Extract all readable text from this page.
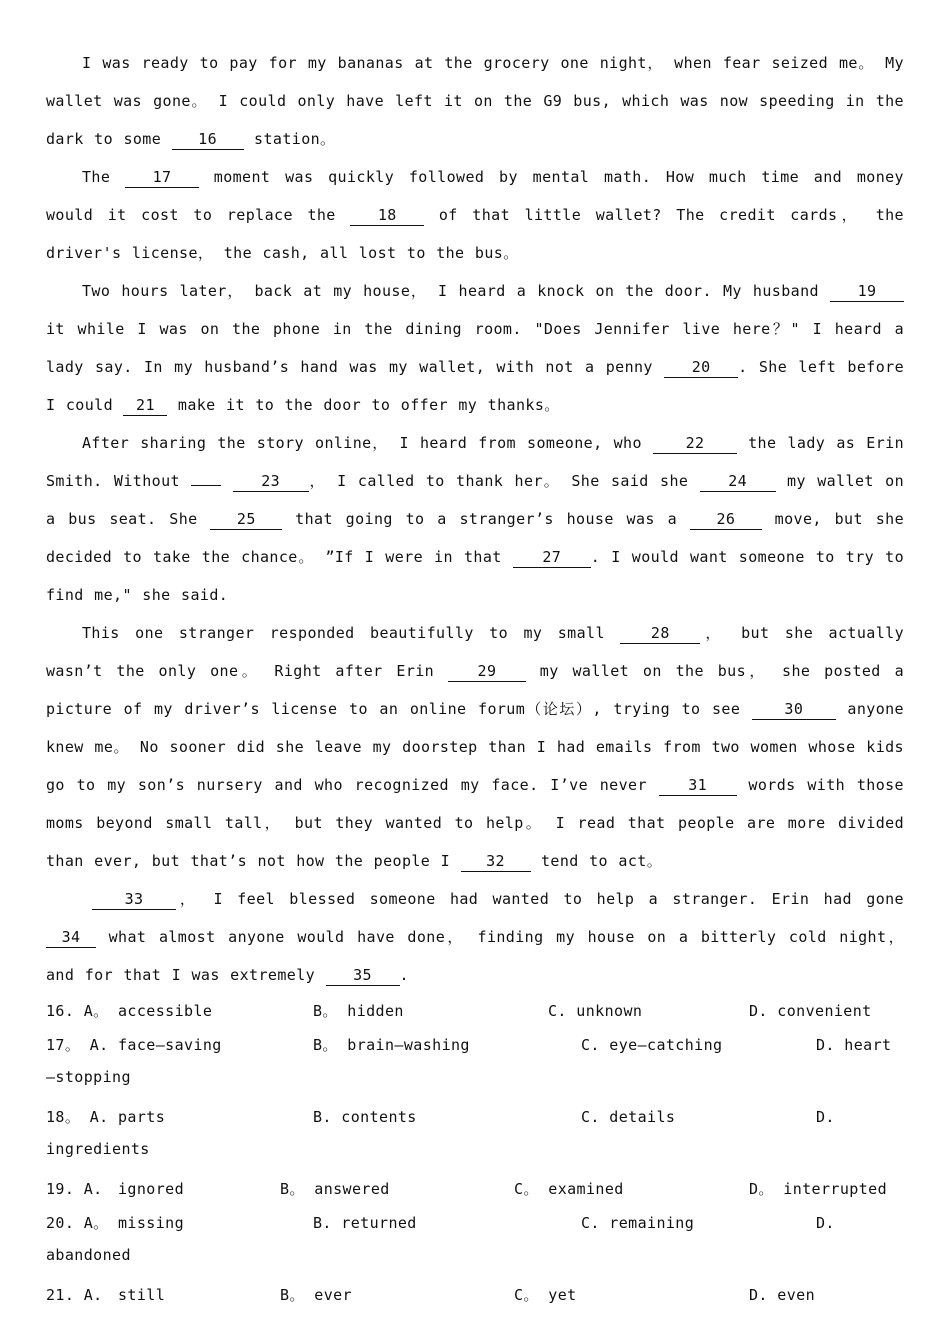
I was ready to pay for my bananas at the grocery one night， when fear seized me。 My wallet was gone。 I could only have left it on the G9 bus, which was now speeding in the dark to some 16 station。

The 17 moment was quickly followed by mental math. How much time and money would it cost to replace the 18 of that little wallet? The credit cards， the driver's license， the cash, all lost to the bus。

Two hours later， back at my house， I heard a knock on the door. My husband 19 it while I was on the phone in the dining room. "Does Jennifer live here？" I heard a lady say. In my husband’s hand was my wallet, with not a penny 20 . She left before I could 21 make it to the door to offer my thanks。

After sharing the story online， I heard from someone, who 22 the lady as Erin Smith. Without	23 ， I called to thank her。 She said she 24 my wallet on a bus seat. She 25 that going to a stranger’s house was a 26 move, but she decided to take the chance。 ”If I were in that 27 . I would want someone to try to find me," she said.

This one stranger responded beautifully to my small 28 ， but she actually wasn’t the only one。 Right after Erin 29 my wallet on the bus， she posted a picture of my driver’s license to an online forum（论坛）, trying to see 30 anyone knew me。 No sooner did she leave my doorstep than I had emails from two women whose kids go to my son’s nursery and who recognized my face. I’ve never 31 words with those moms beyond small tall， but they wanted to help。 I read that people are more divided than ever, but that’s not how the people I 32 tend to act。

33 ， I feel blessed someone had wanted to help a stranger. Erin had gone 34 what almost anyone would have done， finding my house on a bitterly cold night， and for that I was extremely 35 .

16. A。 accessible	B。 hidden	C. unknown	D. convenient
17。 A. face—saving	B。 brain—washing	C. eye—catching	D. heart
—stopping
18。 A. parts	B. contents	C. details	D.
ingredients
19. A. ignored	B。 answered	C。 examined	D。 interrupted
20. A。 missing	B. returned	C. remaining	D.
abandoned
21. A. still	B。 ever	C。 yet	D. even
